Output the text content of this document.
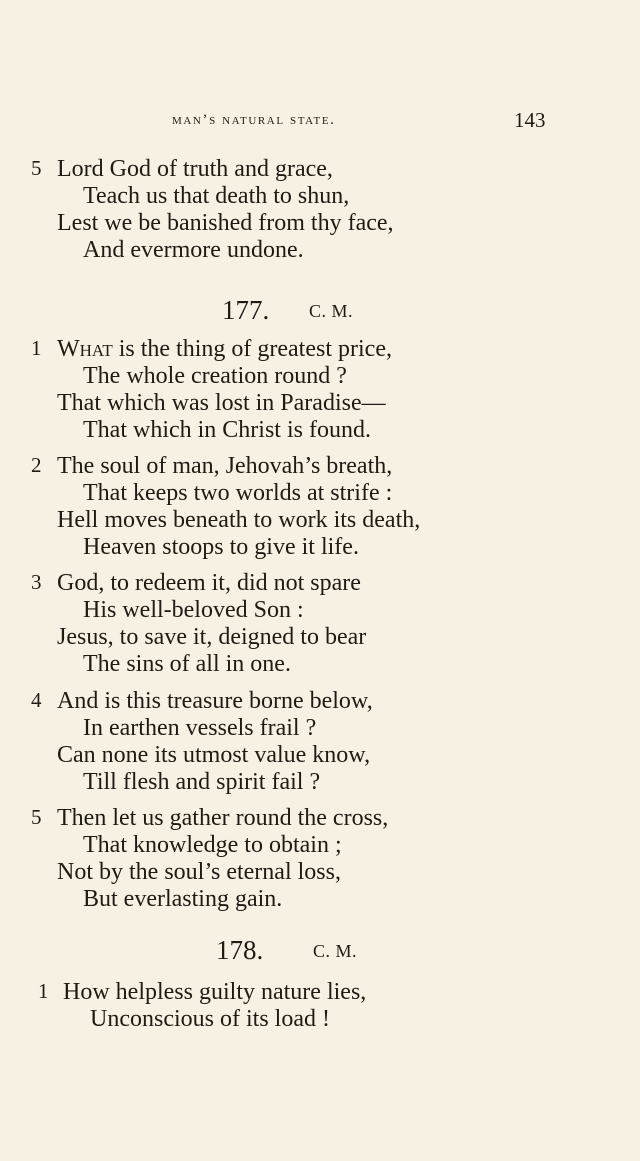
man’s natural state.	143
5 Lord God of truth and grace,
Teach us that death to shun,
Lest we be banished from thy face,
And evermore undone.
177. C. M.
1 What is the thing of greatest price,
The whole creation round ?
That which was lost in Paradise—
That which in Christ is found.
2 The soul of man, Jehovah’s breath,
That keeps two worlds at strife :
Hell moves beneath to work its death,
Heaven stoops to give it life.
3 God, to redeem it, did not spare
His well-beloved Son :
Jesus, to save it, deigned to bear
The sins of all in one.
4 And is this treasure borne below,
In earthen vessels frail ?
Can none its utmost value know,
Till flesh and spirit fail ?
5 Then let us gather round the cross,
That knowledge to obtain ;
Not by the soul’s eternal loss,
But everlasting gain.
178.	C. M.
1 How helpless guilty nature lies,
Unconscious of its load !
